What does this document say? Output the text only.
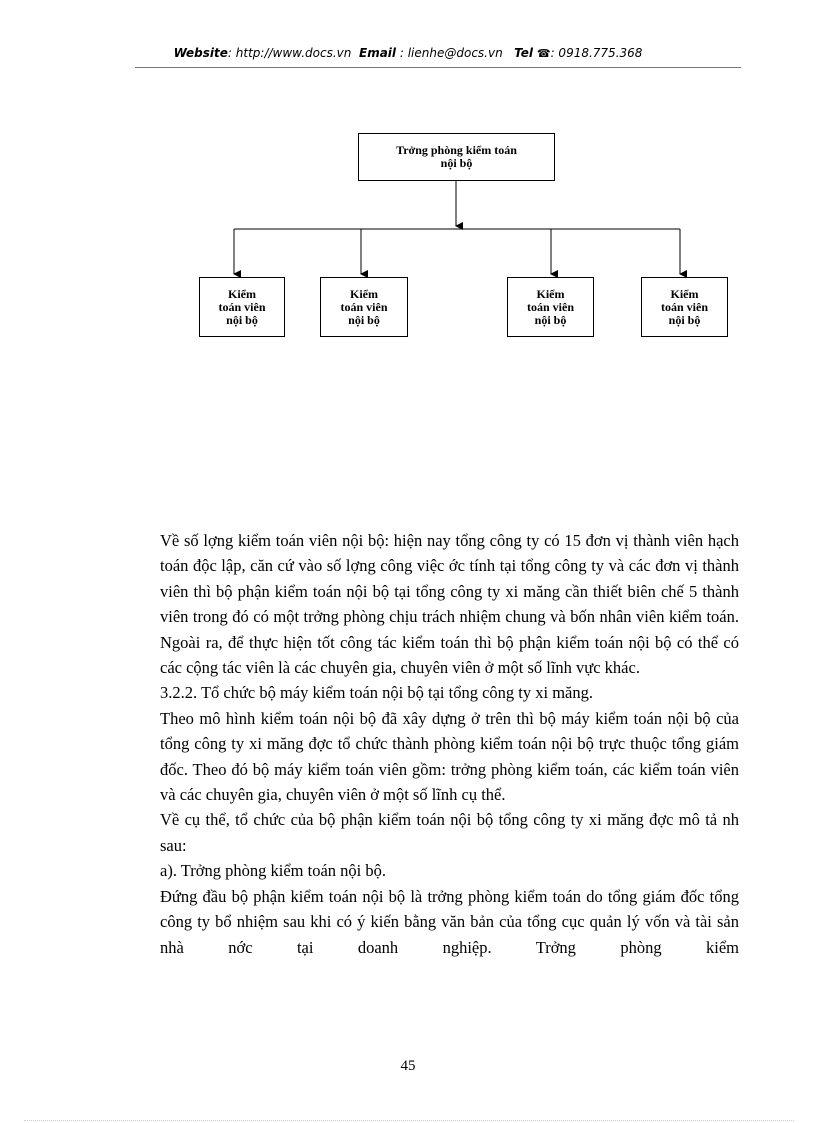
Website: http://www.docs.vn Email : lienhe@docs.vn Tel ☎: 0918.775.368
Trởng phòng kiểm toán
nội bộ
Kiểm
toán viên
nội bộ
Kiểm
toán viên
nội bộ
Kiểm
toán viên
nội bộ
Kiểm
toán viên
nội bộ

Về số lợng kiểm toán viên nội bộ: hiện nay tổng công ty có 15 đơn vị thành viên hạch toán độc lập, căn cứ vào số lợng công việc ớc tính tại tổng công ty và các đơn vị thành viên thì bộ phận kiểm toán nội bộ tại tổng công ty xi măng cần thiết biên chế 5 thành viên trong đó có một trởng phòng chịu trách nhiệm chung và bốn nhân viên kiểm toán. Ngoài ra, để thực hiện tốt công tác kiểm toán thì bộ phận kiểm toán nội bộ có thể có các cộng tác viên là các chuyên gia, chuyên viên ở một số lĩnh vực khác.

3.2.2. Tổ chức bộ máy kiểm toán nội bộ tại tổng công ty xi măng.

Theo mô hình kiểm toán nội bộ đã xây dựng ở trên thì bộ máy kiểm toán nội bộ của tổng công ty xi măng đợc tổ chức thành phòng kiểm toán nội bộ trực thuộc tổng giám đốc. Theo đó bộ máy kiểm toán viên gồm: trởng phòng kiểm toán, các kiểm toán viên và các chuyên gia, chuyên viên ở một số lĩnh cụ thể.

Về cụ thể, tổ chức của bộ phận kiểm toán nội bộ tổng công ty xi măng đợc mô tả nh sau:

a). Trởng phòng kiểm toán nội bộ.

Đứng đầu bộ phận kiểm toán nội bộ là trởng phòng kiểm toán do tổng giám đốc tổng công ty bổ nhiệm sau khi có ý kiến bằng văn bản của tổng cục quản lý vốn và tài sản nhà nớc tại doanh nghiệp. Trởng phòng kiểm

45
